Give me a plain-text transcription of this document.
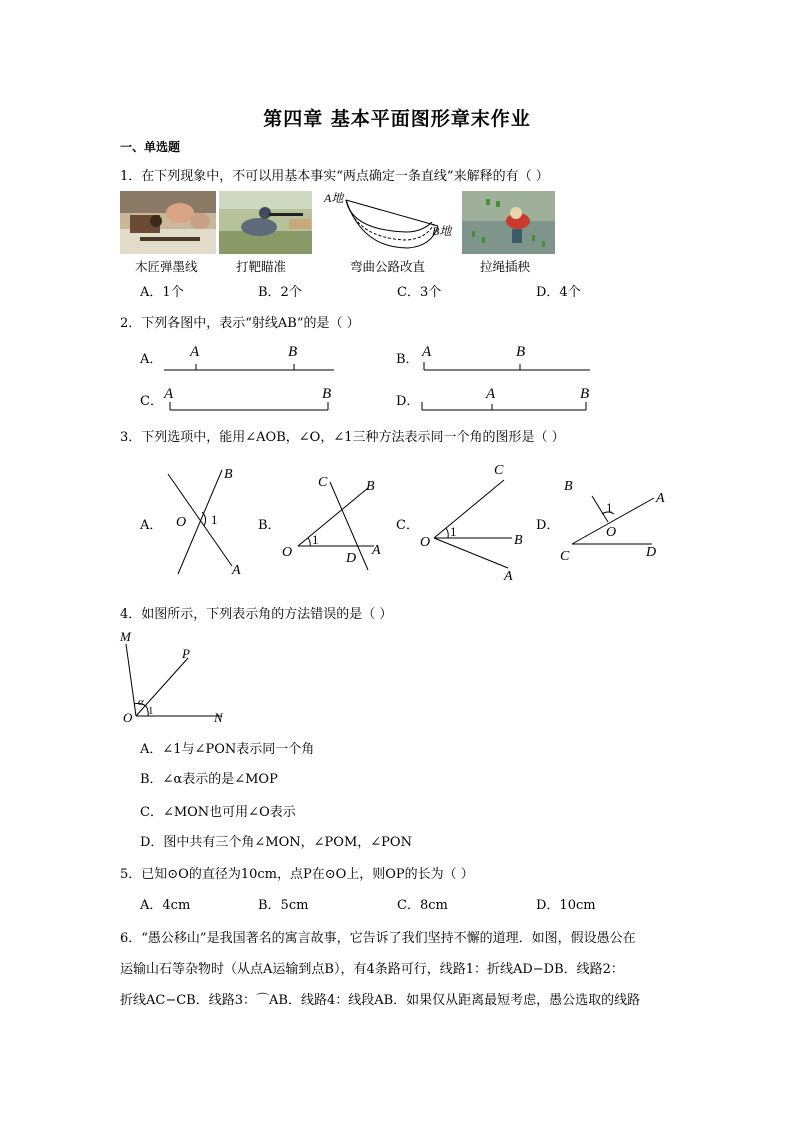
第四章 基本平面图形章末作业
一、单选题
1．在下列现象中，不可以用基本事实“两点确定一条直线”来解释的有（ ）
A地
B地
木匠弹墨线	打靶瞄准	弯曲公路改直	拉绳插秧
A．1个	B．2个	C．3个	D．4个
2．下列各图中，表示“射线AB”的是（ ）
A． A	B	B． A	B
C． A	B	D．	A	B
3．下列选项中，能用∠AOB，∠O，∠1三种方法表示同一个角的图形是（ ）
A．
B
O 1
A
B．
C	B
O
1
A
D
C．
C
O
1
B
A
D．
B
1
A
O
C	D
4．如图所示，下列表示角的方法错误的是（ ）
M
P
O	N
α
1
A．∠1与∠PON表示同一个角
B．∠α表示的是∠MOP
C．∠MON也可用∠O表示
D．图中共有三个角∠MON，∠POM，∠PON
5．已知⊙O的直径为10cm，点P在⊙O上，则OP的长为（ ）
A．4cm	B．5cm	C．8cm	D．10cm
6．“愚公移山”是我国著名的寓言故事，它告诉了我们坚持不懈的道理．如图，假设愚公在
运输山石等杂物时（从点A运输到点B），有4条路可行，线路1：折线AD−DB．线路2：
折线AC−CB．线路3：⌒AB．线路4：线段AB．如果仅从距离最短考虑，愚公选取的线路
